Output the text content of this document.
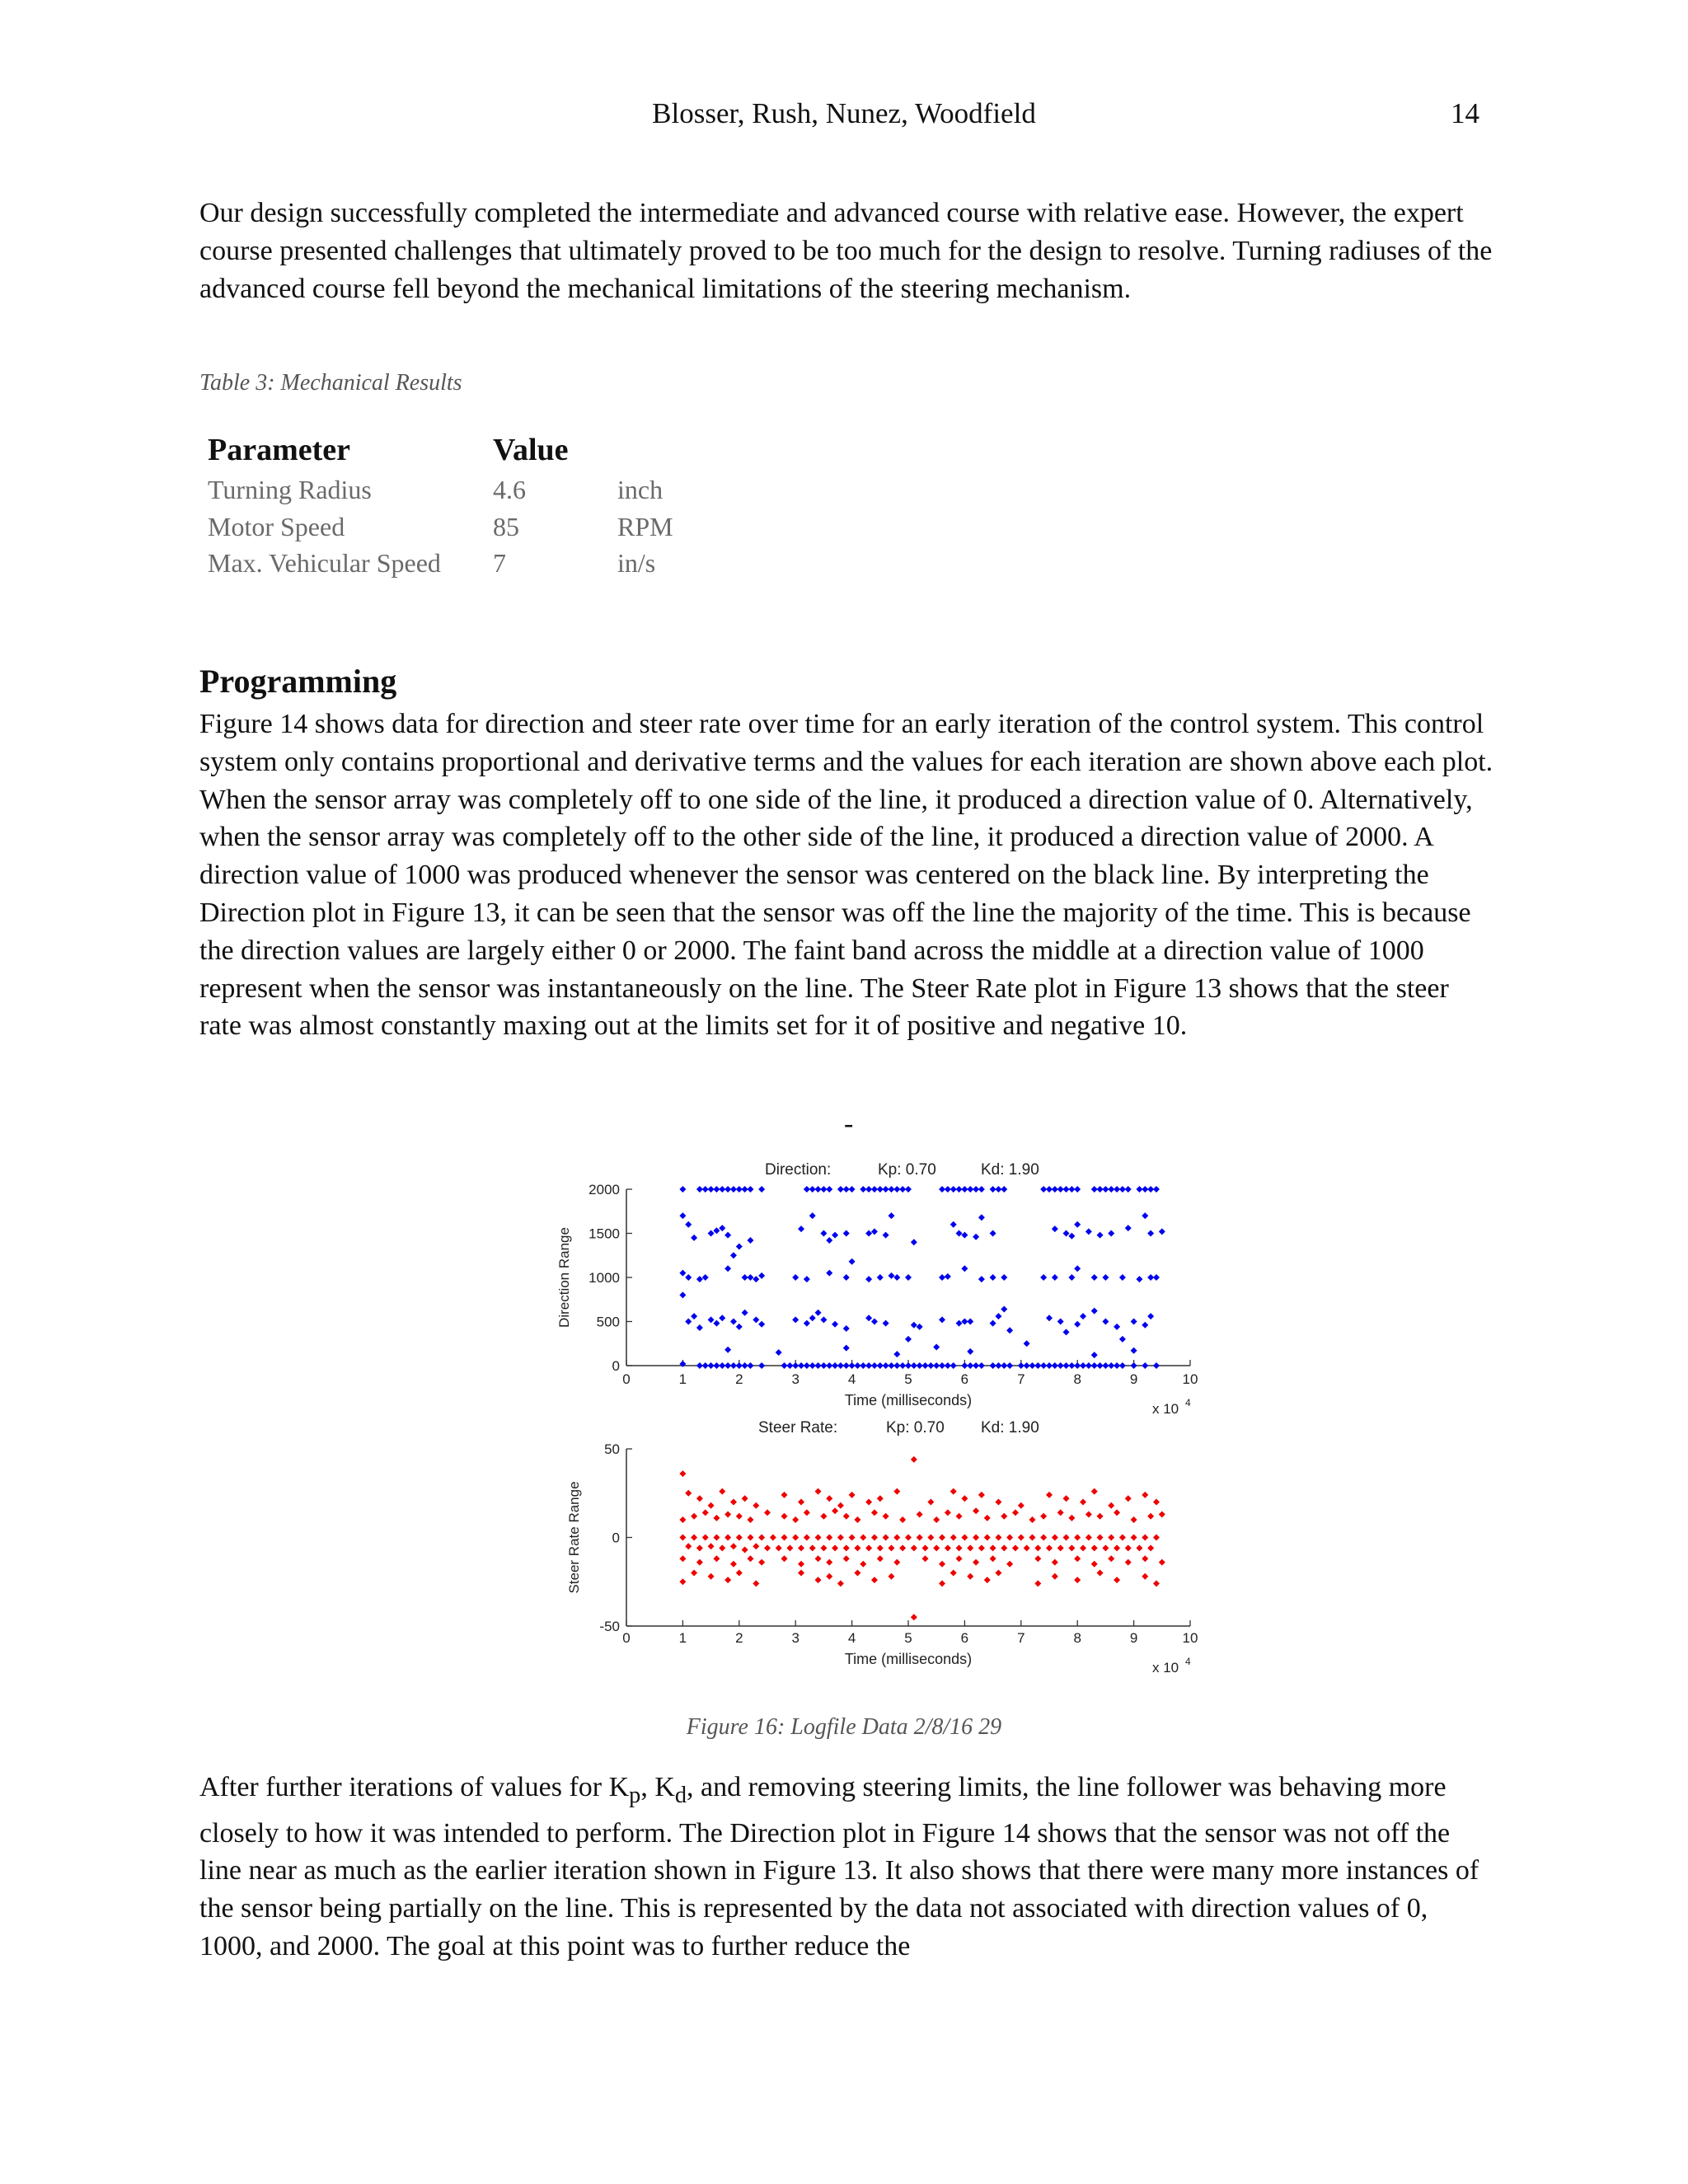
Blosser, Rush, Nunez, Woodfield	14
Our design successfully completed the intermediate and advanced course with relative ease. However, the expert course presented challenges that ultimately proved to be too much for the design to resolve. Turning radiuses of the advanced course fell beyond the mechanical limitations of the steering mechanism.
Table 3: Mechanical Results
Parameter	Value	
Turning Radius	4.6	inch
Motor Speed	85	RPM
Max. Vehicular Speed	7	in/s
Programming
Figure 14 shows data for direction and steer rate over time for an early iteration of the control system. This control system only contains proportional and derivative terms and the values for each iteration are shown above each plot. When the sensor array was completely off to one side of the line, it produced a direction value of 0. Alternatively, when the sensor array was completely off to the other side of the line, it produced a direction value of 2000. A direction value of 1000 was produced whenever the sensor was centered on the black line. By interpreting the Direction plot in Figure 13, it can be seen that the sensor was off the line the majority of the time. This is because the direction values are largely either 0 or 2000. The faint band across the middle at a direction value of 1000 represent when the sensor was instantaneously on the line. The Steer Rate plot in Figure 13 shows that the steer rate was almost constantly maxing out at the limits set for it of positive and negative 10.
-
Direction:	Kp: 0.70	Kd: 1.90
0	1	2	3	4	5	6	7	8	9	10
0
500
1000
1500
2000
Time (milliseconds)
Direction Range
x 10 4
Steer Rate:	Kp: 0.70 Kd: 1.90
0	1	2	3	4	5	6	7	8	9	10
-50
0
50
Time (milliseconds)
Steer Rate Range
x 10 4
Figure 16: Logfile Data 2/8/16 29
After further iterations of values for $K_p$, $K_d$, and removing steering limits, the line follower was behaving more closely to how it was intended to perform. The Direction plot in Figure 14 shows that the sensor was not off the line near as much as the earlier iteration shown in Figure 13. It also shows that there were many more instances of the sensor being partially on the line. This is represented by the data not associated with direction values of 0, 1000, and 2000. The goal at this point was to further reduce the
